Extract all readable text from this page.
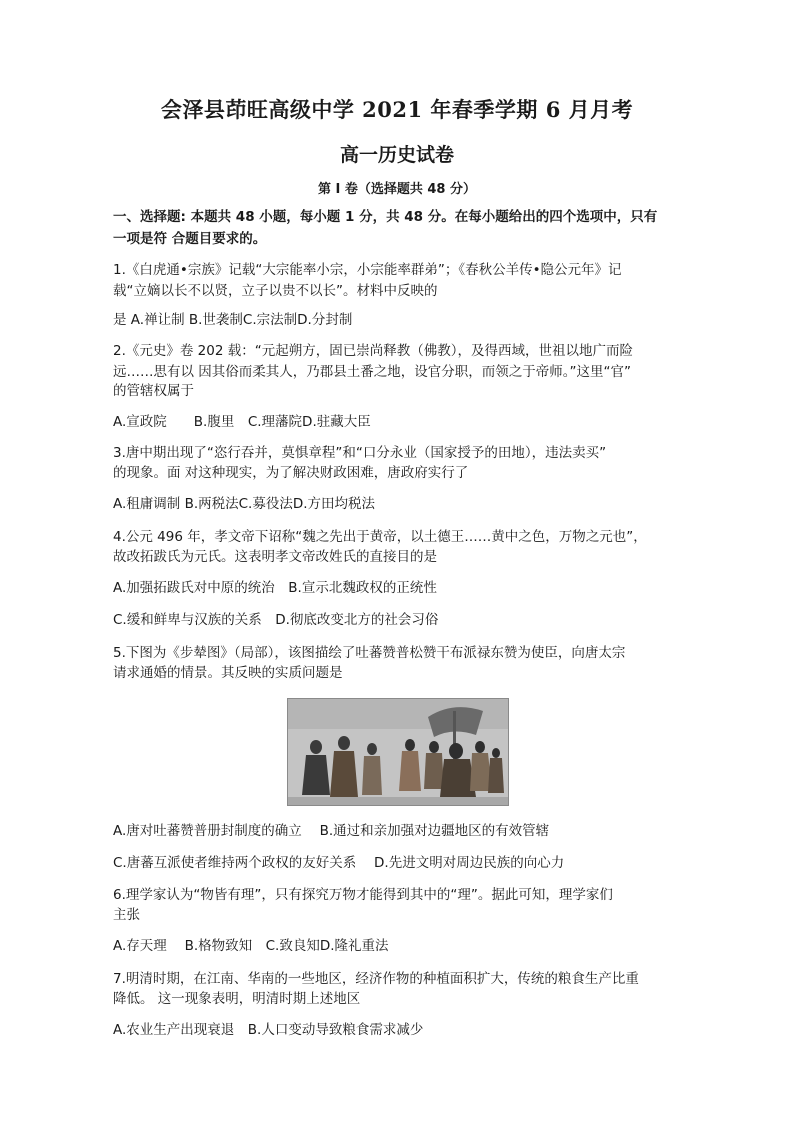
会泽县茚旺高级中学 2021 年春季学期 6 月月考
高一历史试卷
第 I 卷（选择题共 48 分）
一、选择题: 本题共 48 小题，每小题 1 分，共 48 分。在每小题给出的四个选项中，只有
一项是符 合题目要求的。
1.《白虎通•宗族》记载“大宗能率小宗，小宗能率群弟”；《春秋公羊传•隐公元年》记
载“立嫡以长不以贤，立子以贵不以长”。材料中反映的
是 A.禅让制 B.世袭制C.宗法制D.分封制
2.《元史》卷 202 载：“元起朔方，固已崇尚释教（佛教），及得西域，世祖以地广而险
远……思有以 因其俗而柔其人，乃郡县土番之地，设官分职，而领之于帝师。”这里“官”
的管辖权属于
A.宣政院　　B.腹里　C.理藩院D.驻藏大臣
3.唐中期出现了“恣行吞并，莫惧章程”和“口分永业（国家授予的田地），违法卖买”
的现象。面 对这种现实，为了解决财政困难，唐政府实行了
A.租庸调制 B.两税法C.募役法D.方田均税法
4.公元 496 年，孝文帝下诏称“魏之先出于黄帝，以土德王……黄中之色，万物之元也”，
故改拓跋氏为元氏。这表明孝文帝改姓氏的直接目的是
A.加强拓跋氏对中原的统治　B.宣示北魏政权的正统性
C.缓和鲜卑与汉族的关系　D.彻底改变北方的社会习俗
5.下图为《步辇图》（局部），该图描绘了吐蕃赞普松赞干布派禄东赞为使臣，向唐太宗
请求通婚的情景。其反映的实质问题是
A.唐对吐蕃赞普册封制度的确立　 B.通过和亲加强对边疆地区的有效管辖
C.唐蕃互派使者维持两个政权的友好关系　 D.先进文明对周边民族的向心力
6.理学家认为“物皆有理”，只有探究万物才能得到其中的“理”。据此可知，理学家们
主张
A.存天理　 B.格物致知　C.致良知D.隆礼重法
7.明清时期，在江南、华南的一些地区，经济作物的种植面积扩大，传统的粮食生产比重
降低。 这一现象表明，明清时期上述地区
A.农业生产出现衰退　B.人口变动导致粮食需求减少
